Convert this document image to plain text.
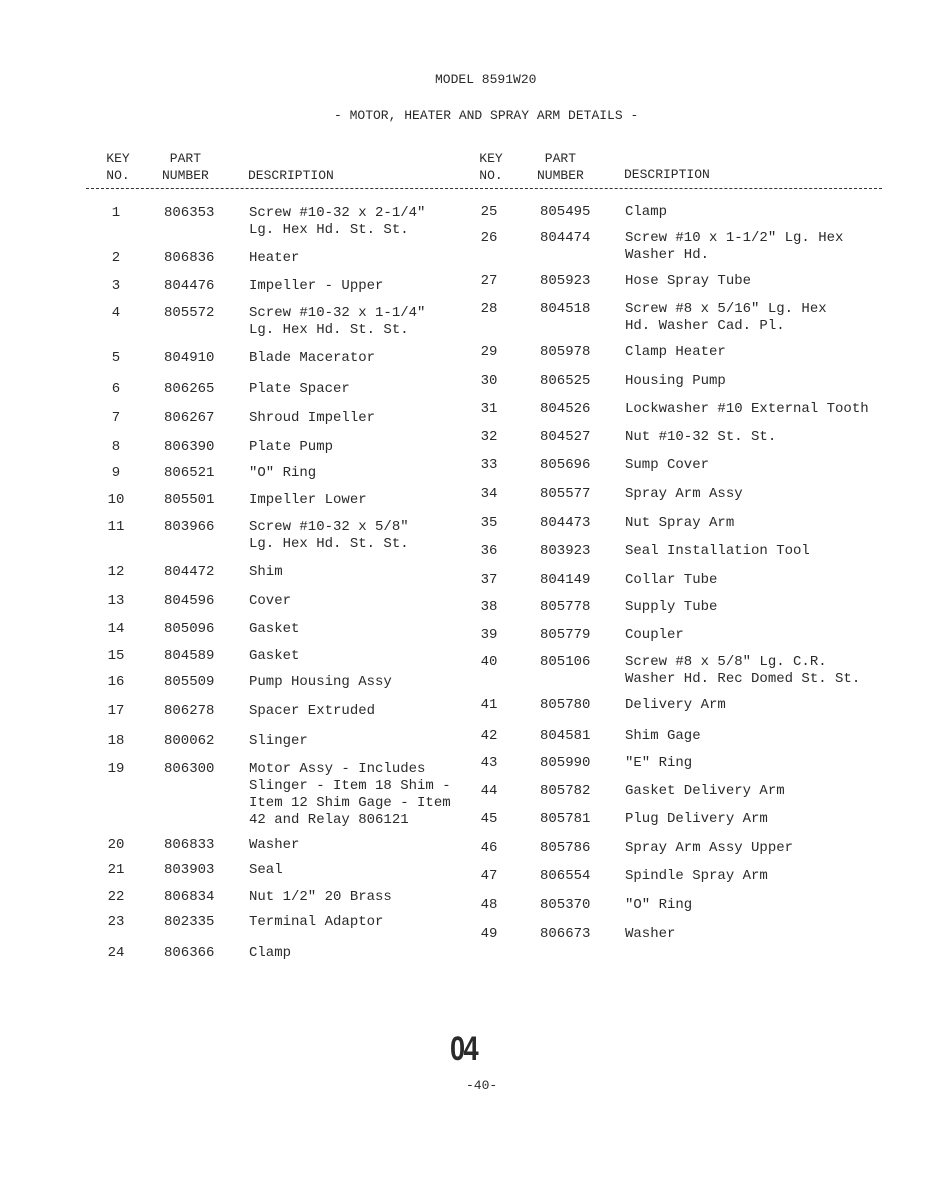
MODEL 8591W20
- MOTOR, HEATER AND SPRAY ARM DETAILS -
KEY
NO.
PART
NUMBER	DESCRIPTION
KEY
NO.
PART
NUMBER	DESCRIPTION
1	806353 Screw #10-32 x 2-1/4"
Lg. Hex Hd. St. St.
2	806836 Heater
3	804476 Impeller - Upper
4	805572 Screw #10-32 x 1-1/4"
Lg. Hex Hd. St. St.
5	804910 Blade Macerator
6	806265 Plate Spacer
7	806267 Shroud Impeller
8	806390 Plate Pump
9	806521 "O" Ring
10	805501 Impeller Lower
11	803966 Screw #10-32 x 5/8"
Lg. Hex Hd. St. St.
12	804472 Shim
13	804596 Cover
14	805096 Gasket
15	804589 Gasket
16	805509 Pump Housing Assy
17	806278 Spacer Extruded
18	800062 Slinger
19	806300 Motor Assy - Includes
Slinger - Item 18 Shim -
Item 12 Shim Gage - Item
42 and Relay 806121
20	806833 Washer
21	803903 Seal
22	806834 Nut 1/2" 20 Brass
23	802335 Terminal Adaptor
24	806366 Clamp
25	805495 Clamp
26	804474 Screw #10 x 1-1/2" Lg. Hex
Washer Hd.
27	805923 Hose Spray Tube
28	804518 Screw #8 x 5/16" Lg. Hex
Hd. Washer Cad. Pl.
29	805978 Clamp Heater
30	806525 Housing Pump
31	804526 Lockwasher #10 External Tooth
32	804527 Nut #10-32 St. St.
33	805696 Sump Cover
34	805577 Spray Arm Assy
35	804473 Nut Spray Arm
36	803923 Seal Installation Tool
37	804149 Collar Tube
38	805778 Supply Tube
39	805779 Coupler
40	805106 Screw #8 x 5/8" Lg. C.R.
Washer Hd. Rec Domed St. St.
41	805780 Delivery Arm
42	804581 Shim Gage
43	805990 "E" Ring
44	805782 Gasket Delivery Arm
45	805781 Plug Delivery Arm
46	805786 Spray Arm Assy Upper
47	806554 Spindle Spray Arm
48	805370 "O" Ring
49	806673 Washer
04
-40-
